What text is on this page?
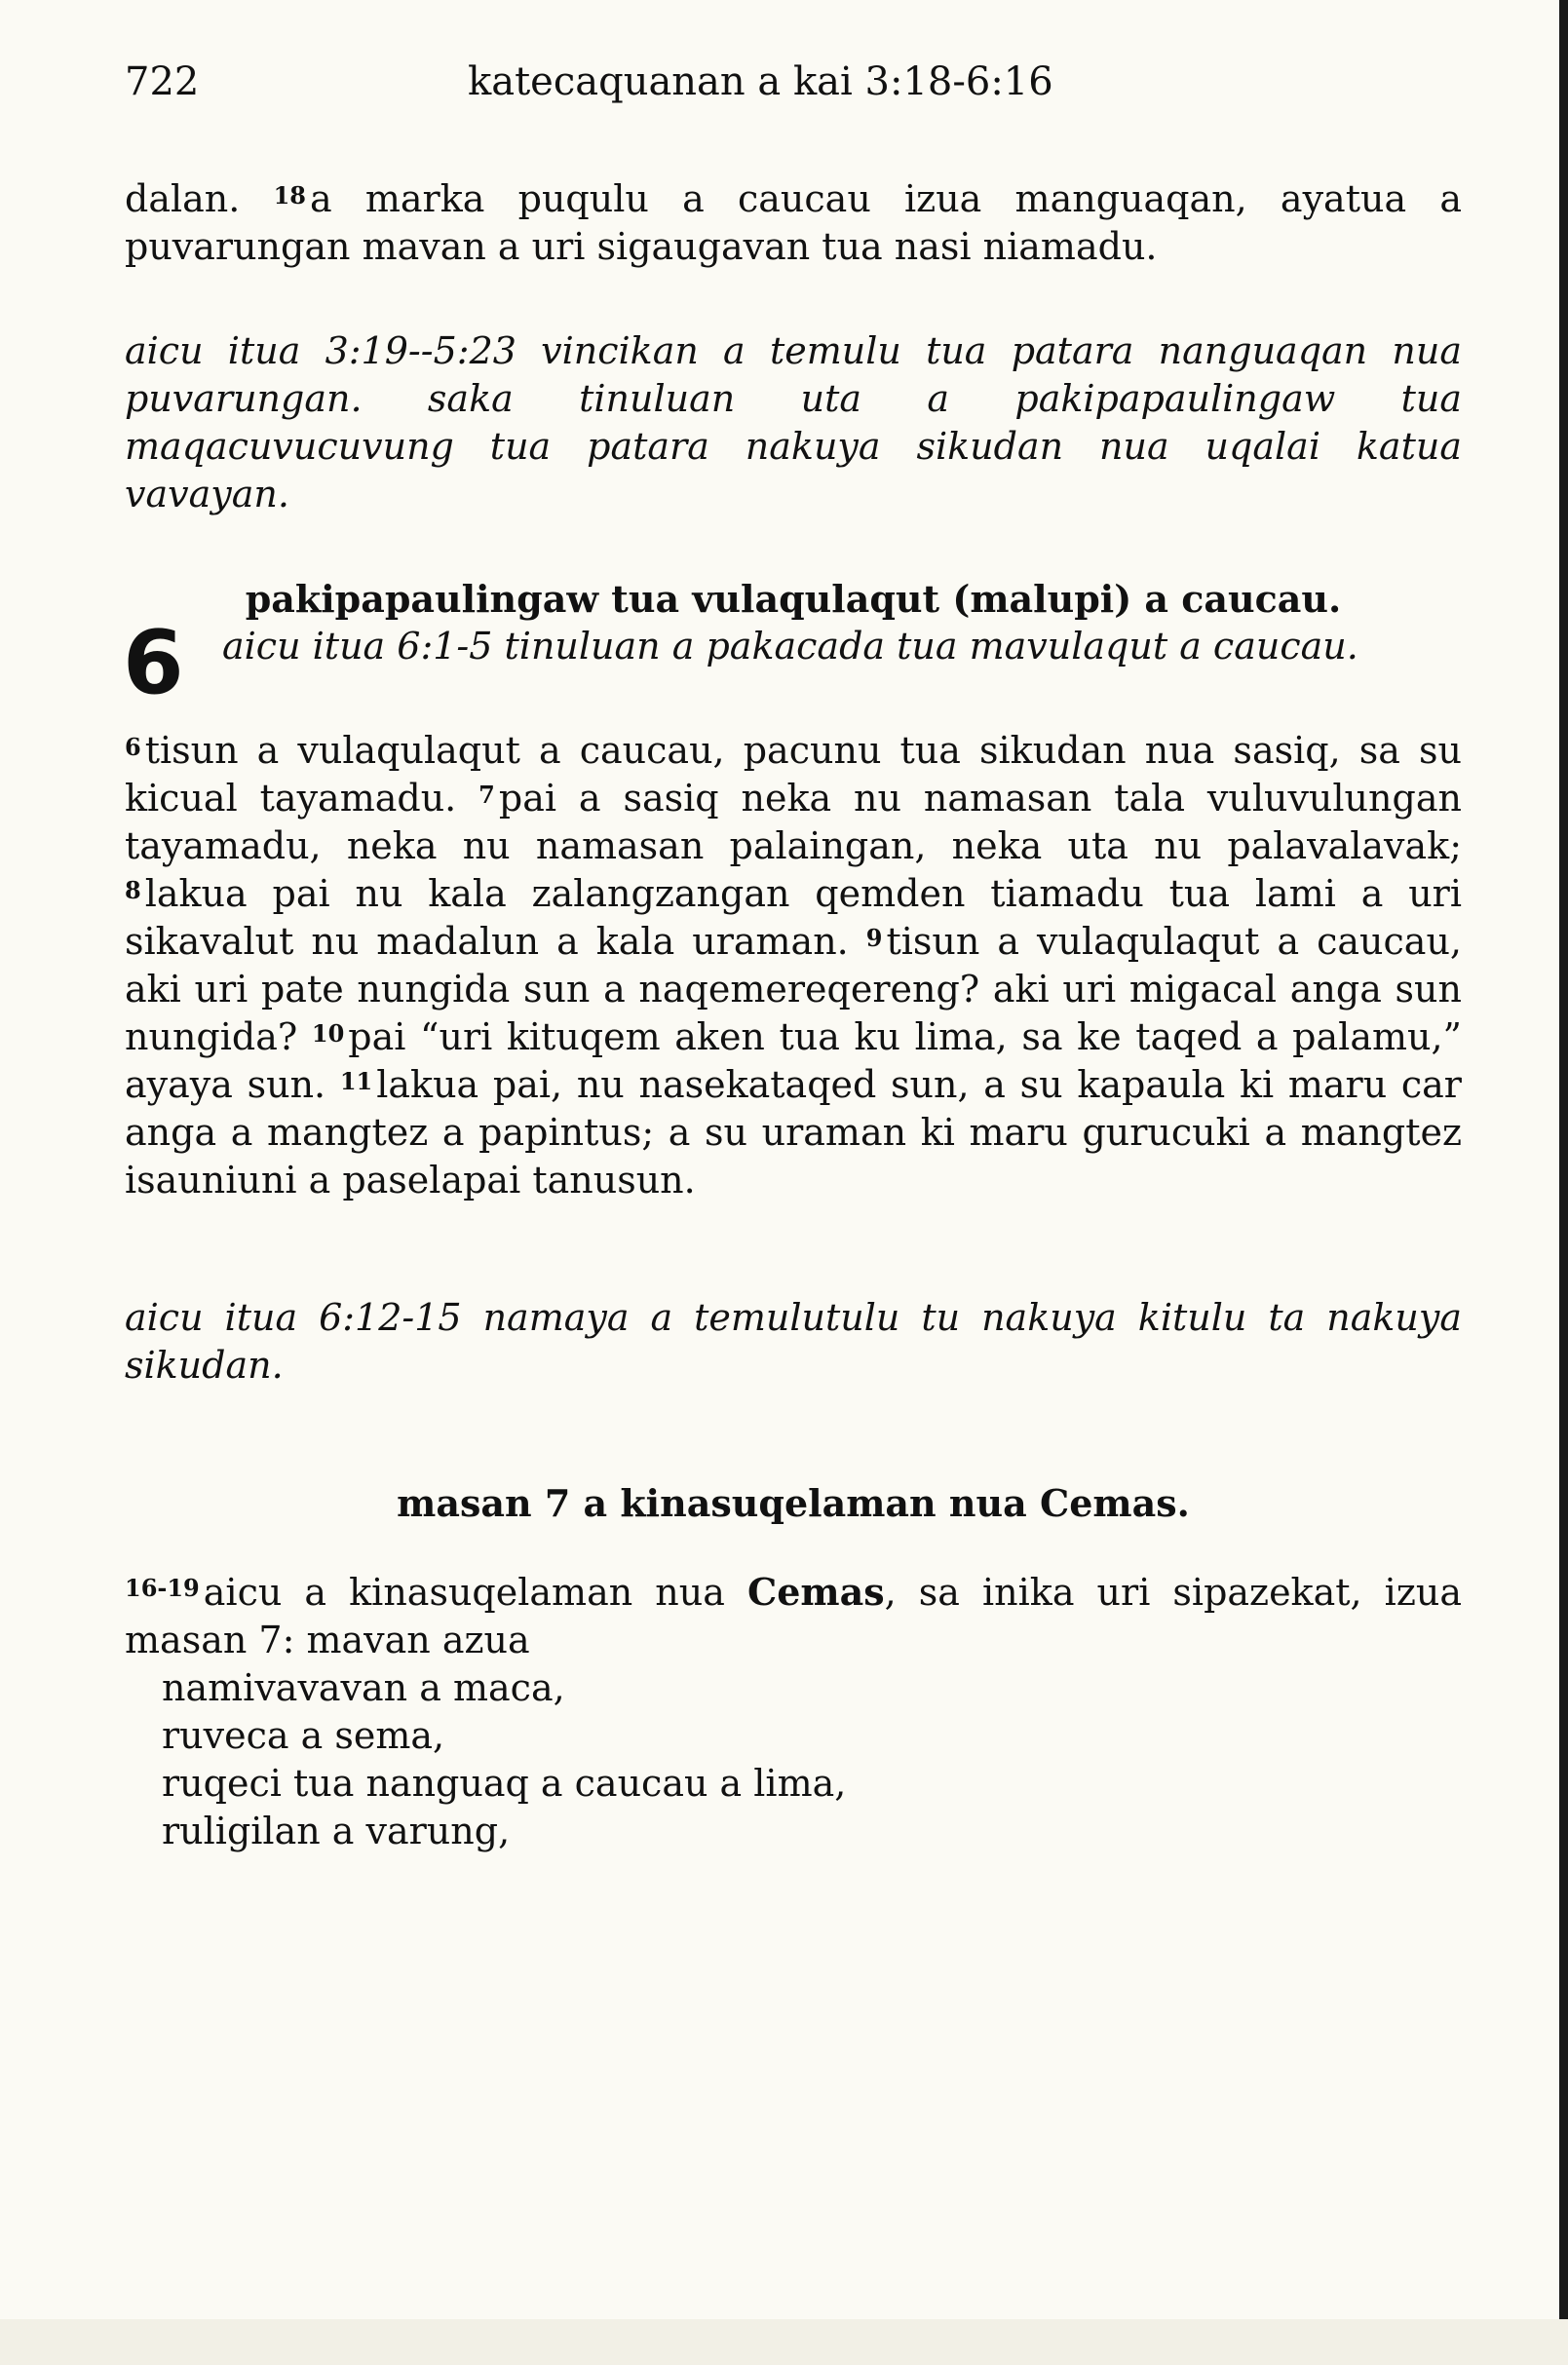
722	katecaquanan a kai 3:18-6:16

dalan. $^{18}$ a marka puqulu a caucau izua manguaqan, ayatua a puvarungan mavan a uri sigaugavan tua nasi niamadu.

aicu itua 3:19--5:23 vincikan a temulu tua patara nanguaqan nua puvarungan. saka tinuluan uta a pakipapaulingaw tua maqacuvucuvung tua patara nakuya sikudan nua uqalai katua vavayan.

pakipapaulingaw tua vulaqulaqut (malupi) a caucau.

6 aicu itua 6:1-5 tinuluan a pakacada tua mavulaqut a caucau.

$^6$ tisun a vulaqulaqut a caucau, pacunu tua sikudan nua sasiq, sa su kicual tayamadu. $^7$ pai a sasiq neka nu namasan tala vuluvulungan tayamadu, neka nu namasan palaingan, neka uta nu palavalavak; $^8$ lakua pai nu kala zalangzangan qemden tiamadu tua lami a uri sikavalut nu madalun a kala uraman. $^9$ tisun a vulaqulaqut a caucau, aki uri pate nungida sun a naqemereqereng? aki uri migacal anga sun nungida? $^{10}$ pai “uri kituqem aken tua ku lima, sa ke taqed a palamu,” ayaya sun. $^{11}$ lakua pai, nu nasekataqed sun, a su kapaula ki maru car anga a mangtez a papintus; a su uraman ki maru gurucuki a mangtez isauniuni a paselapai tanusun.

aicu itua 6:12-15 namaya a temulutulu tu nakuya kitulu ta nakuya sikudan.

masan 7 a kinasuqelaman nua Cemas.

$^{16-19}$ aicu a kinasuqelaman nua Cemas, sa inika uri sipazekat, izua masan 7: mavan azua

namivavavan a maca,

ruveca a sema,

ruqeci tua nanguaq a caucau a lima,

ruligilan a varung,
